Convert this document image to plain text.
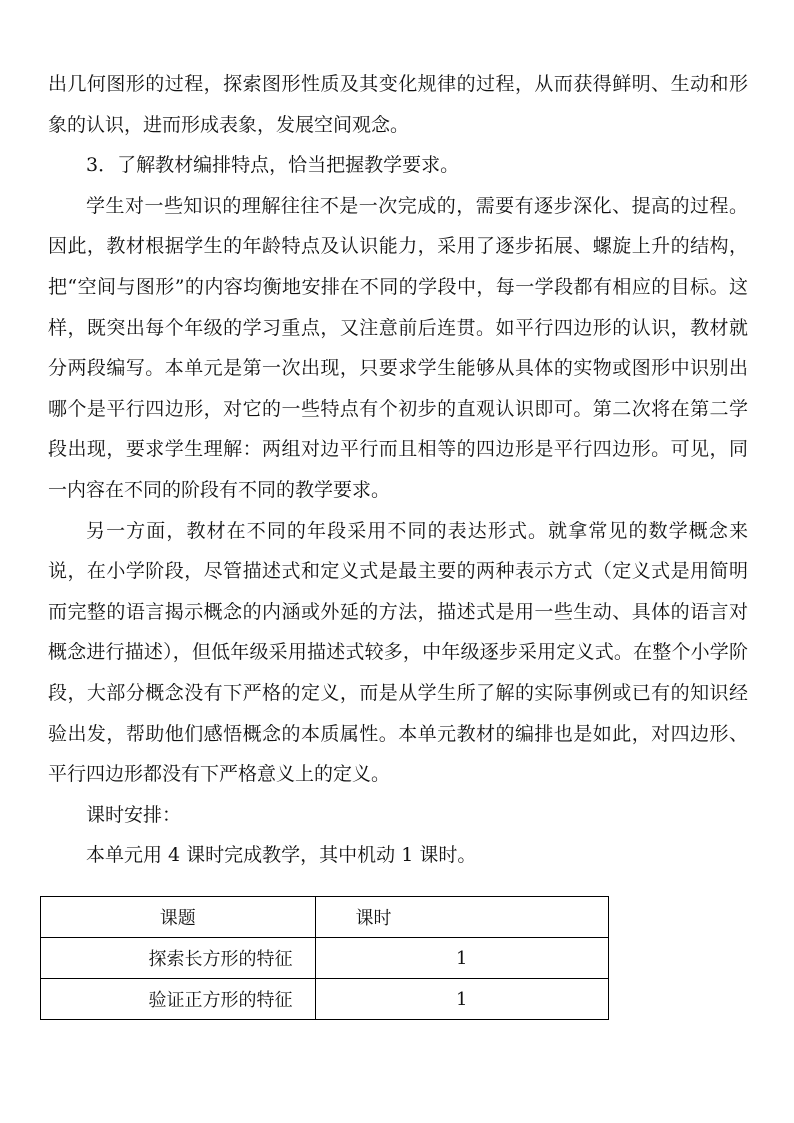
出几何图形的过程，探索图形性质及其变化规律的过程，从而获得鲜明、生动和形象的认识，进而形成表象，发展空间观念。

3．了解教材编排特点，恰当把握教学要求。

学生对一些知识的理解往往不是一次完成的，需要有逐步深化、提高的过程。因此，教材根据学生的年龄特点及认识能力，采用了逐步拓展、螺旋上升的结构，把“空间与图形”的内容均衡地安排在不同的学段中，每一学段都有相应的目标。这样，既突出每个年级的学习重点，又注意前后连贯。如平行四边形的认识，教材就分两段编写。本单元是第一次出现，只要求学生能够从具体的实物或图形中识别出哪个是平行四边形，对它的一些特点有个初步的直观认识即可。第二次将在第二学段出现，要求学生理解：两组对边平行而且相等的四边形是平行四边形。可见，同一内容在不同的阶段有不同的教学要求。

另一方面，教材在不同的年段采用不同的表达形式。就拿常见的数学概念来说，在小学阶段，尽管描述式和定义式是最主要的两种表示方式（定义式是用简明而完整的语言揭示概念的内涵或外延的方法，描述式是用一些生动、具体的语言对概念进行描述），但低年级采用描述式较多，中年级逐步采用定义式。在整个小学阶段，大部分概念没有下严格的定义，而是从学生所了解的实际事例或已有的知识经验出发，帮助他们感悟概念的本质属性。本单元教材的编排也是如此，对四边形、平行四边形都没有下严格意义上的定义。

课时安排：

本单元用 4 课时完成教学，其中机动 1 课时。

课题	课时
探索长方形的特征	1
验证正方形的特征	1
